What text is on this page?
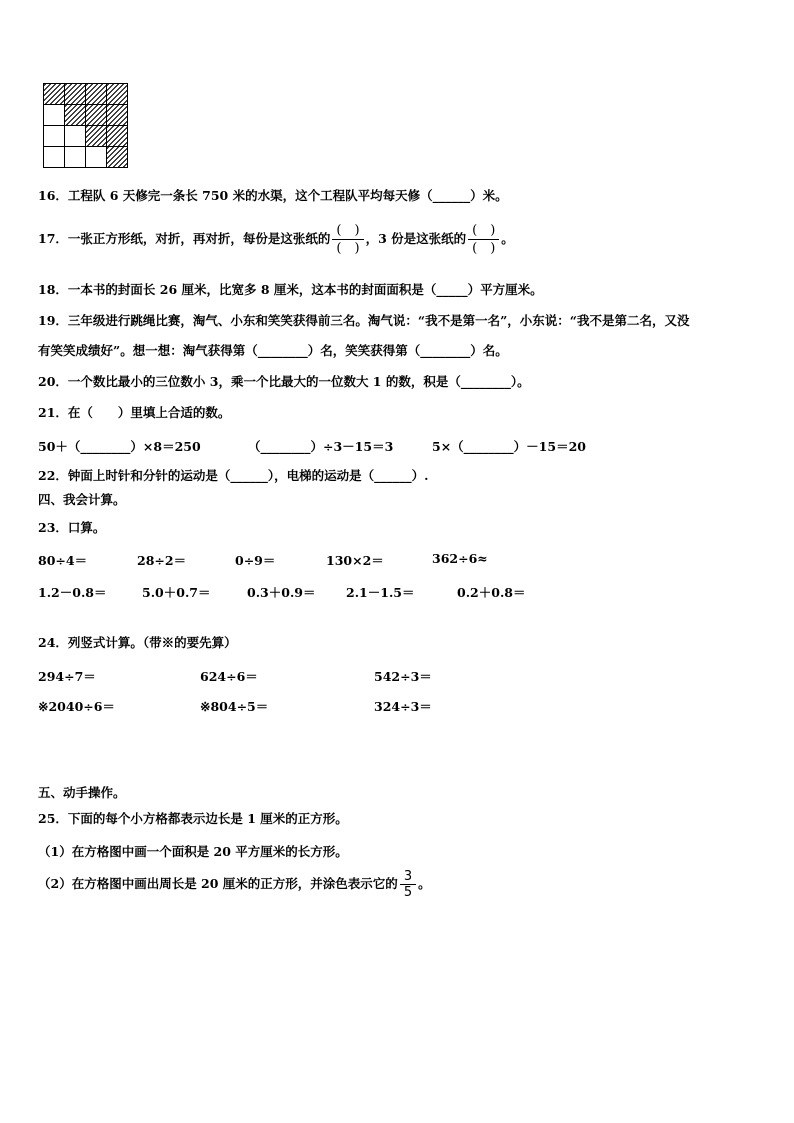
16．工程队 6 天修完一条长 750 米的水渠，这个工程队平均每天修（______）米。
17．一张正方形纸，对折，再对折，每份是这张纸的 $\frac{( )}{( )}$ ，3 份是这张纸的 $\frac{( )}{( )}$ 。
18．一本书的封面长 26 厘米，比宽多 8 厘米，这本书的封面面积是（_____）平方厘米。
19．三年级进行跳绳比赛，淘气、小东和笑笑获得前三名。淘气说：“我不是第一名”，小东说：“我不是第二名，又没
有笑笑成绩好”。想一想：淘气获得第（________）名，笑笑获得第（________）名。
20．一个数比最小的三位数小 3，乘一个比最大的一位数大 1 的数，积是（________）。
21．在（　　）里填上合适的数。
50＋（________）×8＝250	（________）÷3－15＝3	5×（________）－15＝20
22．钟面上时针和分针的运动是（______），电梯的运动是（______）.
四、我会计算。
23．口算。
80÷4＝	28÷2＝	0÷9＝	130×2＝	362÷6≈
1.2－0.8＝	5.0＋0.7＝	0.3＋0.9＝ 2.1－1.5＝	0.2＋0.8＝
24．列竖式计算。（带※的要先算）
294÷7＝	624÷6＝	542÷3＝
※2040÷6＝	※804÷5＝	324÷3＝
五、动手操作。
25．下面的每个小方格都表示边长是 1 厘米的正方形。
（1）在方格图中画一个面积是 20 平方厘米的长方形。
（2）在方格图中画出周长是 20 厘米的正方形，并涂色表示它的 $\frac{3}{5}$ 。
